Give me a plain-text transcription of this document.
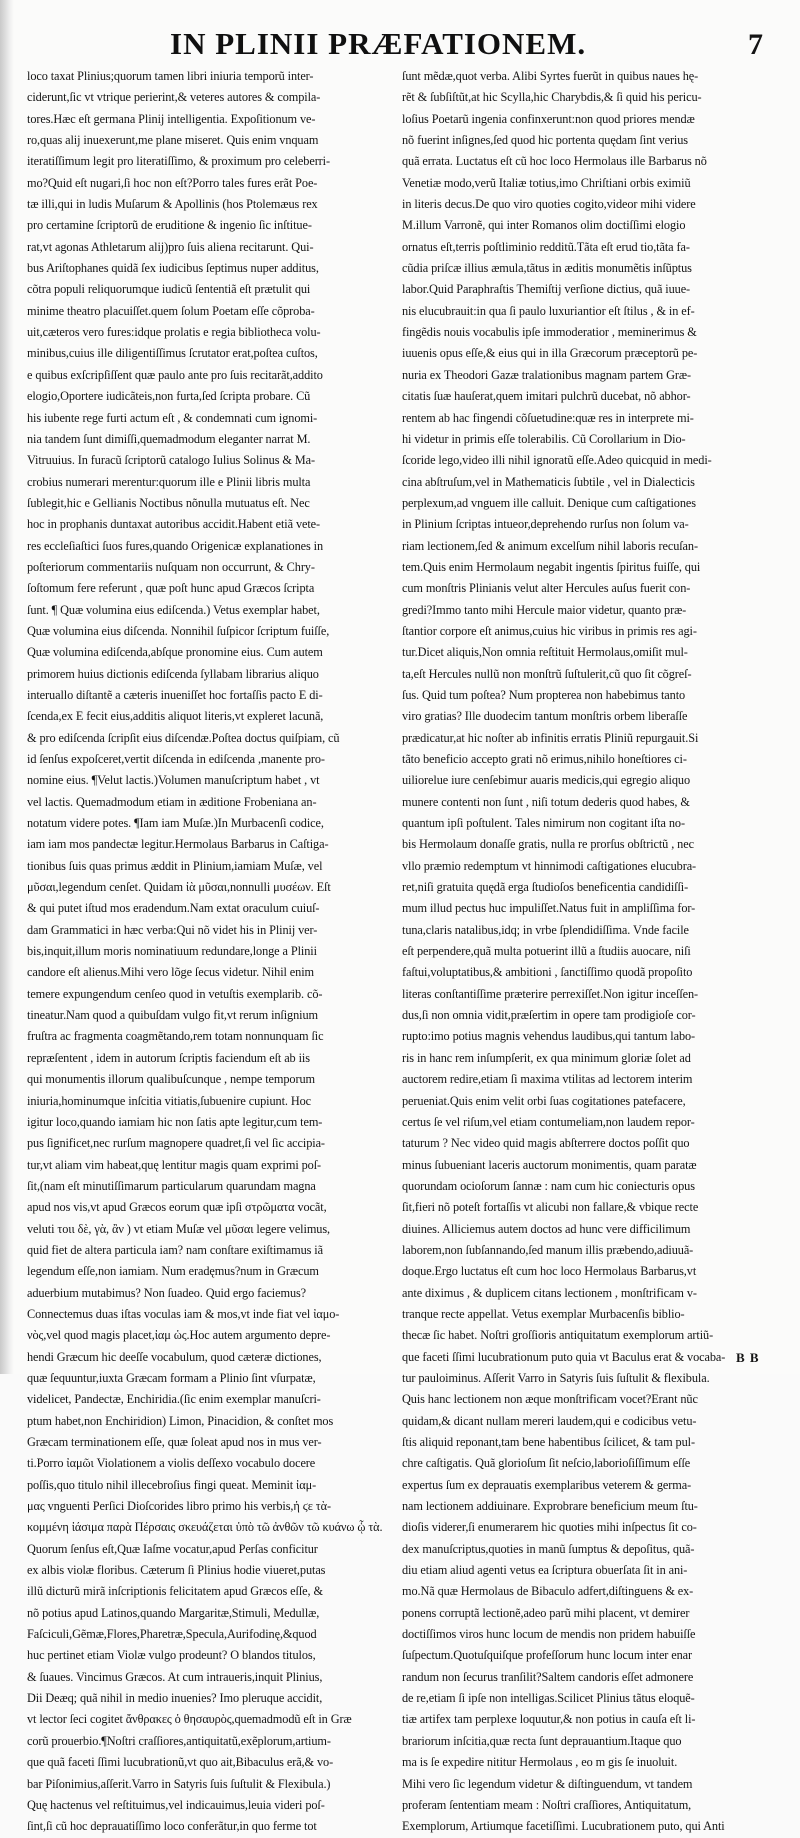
IN PLINII PRÆFATIONEM.	7
loco taxat Plinius;quorum tamen libri iniuria temporũ inter-
ciderunt,ſic vt vtrique perierint,& veteres autores & compila-
tores.Hæc eſt germana Plinij intelligentia. Expoſitionum ve-
ro,quas alij inuexerunt,me plane miseret. Quis enim vnquam
iteratiſſimum legit pro literatiſſimo, & proximum pro celeberri-
mo?Quid eſt nugari,ſi hoc non eſt?Porro tales fures erãt Poe-
tæ illi,qui in ludis Muſarum & Apollinis (hos Ptolemæus rex
pro certamine ſcriptorũ de eruditione & ingenio ſic inſtitue-
rat,vt agonas Athletarum alij)pro ſuis aliena recitarunt. Qui-
bus Ariſtophanes quidã ſex iudicibus ſeptimus nuper additus,
cõtra populi reliquorumque iudicũ ſententiã eſt prætulit qui
minime theatro placuiſſet.quem ſolum Poetam eſſe cõproba-
uit,cæteros vero fures:idque prolatis e regia bibliotheca volu-
minibus,cuius ille diligentiſſimus ſcrutator erat,poſtea cuſtos,
e quibus exſcripſiſſent quæ paulo ante pro ſuis recitarãt,addito
elogio,Oportere iudicãteis,non furta,ſed ſcripta probare. Cũ
his iubente rege furti actum eſt , & condemnati cum ignomi-
nia tandem ſunt dimiſſi,quemadmodum eleganter narrat M.
Vitruuius. In furacũ ſcriptorũ catalogo Iulius Solinus & Ma-
crobius numerari merentur:quorum ille e Plinii libris multa
ſublegit,hic e Gellianis Noctibus nõnulla mutuatus eſt. Nec
hoc in prophanis duntaxat autoribus accidit.Habent etiã vete-
res eccleſiaſtici ſuos fures,quando Origenicæ explanationes in
poſteriorum commentariis nuſquam non occurrunt, & Chry-
ſoſtomum fere referunt , quæ poſt hunc apud Græcos ſcripta
ſunt. ¶ Quæ volumina eius ediſcenda.) Vetus exemplar habet,
Quæ volumina eius diſcenda. Nonnihil ſuſpicor ſcriptum fuiſſe,
Quæ volumina ediſcenda,abſque pronomine eius. Cum autem
primorem huius dictionis ediſcenda ſyllabam librarius aliquo
interuallo diſtantẽ a cæteris inueniſſet hoc fortaſſis pacto E di-
ſcenda,ex E fecit eius,additis aliquot literis,vt expleret lacunã,
& pro ediſcenda ſcripſit eius diſcendæ.Poſtea doctus quiſpiam, cũ
id ſenſus expoſceret,vertit diſcenda in ediſcenda ,manente pro-
nomine eius. ¶Velut lactis.)Volumen manuſcriptum habet , vt
vel lactis. Quemadmodum etiam in æditione Frobeniana an-
notatum videre potes. ¶Iam iam Muſæ.)In Murbacenſi codice,
iam iam mos pandectæ legitur.Hermolaus Barbarus in Caſtiga-
tionibus ſuis quas primus æddit in Plinium,iamiam Muſæ, vel
μῦσαι,legendum cenſet. Quidam ἰὰ μῦσαι,nonnulli μυσέων. Eſt
& qui putet iſtud mos eradendum.Nam extat oraculum cuiuſ-
dam Grammatici in hæc verba:Qui nõ videt his in Plinij ver-
bis,inquit,illum moris nominatiuum redundare,longe a Plinii
candore eſt alienus.Mihi vero lõge ſecus videtur. Nihil enim
temere expungendum cenſeo quod in vetuſtis exemplarib. cõ-
tineatur.Nam quod a quibuſdam vulgo fit,vt rerum inſignium
fruſtra ac fragmenta coagmẽtando,rem totam nonnunquam ſic
repræſentent , idem in autorum ſcriptis faciendum eſt ab iis
qui monumentis illorum qualibuſcunque , nempe temporum
iniuria,hominumque inſcitia vitiatis,ſubuenire cupiunt. Hoc
igitur loco,quando iamiam hic non ſatis apte legitur,cum tem-
pus ſignificet,nec rurſum magnopere quadret,ſi vel ſic accipia-
tur,vt aliam vim habeat,quę lentitur magis quam exprimi poſ-
ſit,(nam eſt minutiſſimarum particularum quarundam magna
apud nos vis,vt apud Græcos eorum quæ ipſi στρῶματα vocãt,
veluti τοιι δὲ, γὰ, ἂν ) vt etiam Muſæ vel μῦσαι legere velimus,
quid fiet de altera particula iam? nam conſtare exiſtimamus iã
legendum eſſe,non iamiam. Num eradęmus?num in Græcum
aduerbium mutabimus? Non ſuadeo. Quid ergo faciemus?
Connectemus duas iſtas voculas iam & mos,vt inde fiat vel ἰαμο-
νὸς,vel quod magis placet,ἰαμ ὡς.Hoc autem argumento depre-
hendi Græcum hic deeſſe vocabulum, quod cæteræ dictiones,
quæ ſequuntur,iuxta Græcam formam a Plinio ſint vſurpatæ,
videlicet, Pandectæ, Enchiridia.(ſic enim exemplar manuſcri-
ptum habet,non Enchiridion) Limon, Pinacidion, & conſtet mos
Græcam terminationem eſſe, quæ ſoleat apud nos in mus ver-
ti.Porro ἰαμῶι Violationem a violis deſſexo vocabulo docere
poſſis,quo titulo nihil illecebroſius fingi queat. Meminit ἰαμ-
μας vnguenti Perſici Dioſcorides libro primo his verbis,ἡ ϛε τὰ-
κομμένη ἰάσιμα παρὰ Πέρσαις σκευάζεται ὑπὸ τῶ ἀνθῶν τῶ κυάνω ᾧ τὰ.
Quorum ſenſus eſt,Quæ Iaſme vocatur,apud Perſas conficitur
ex albis violæ floribus. Cæterum ſi Plinius hodie viueret,putas
illũ dicturũ mirã inſcriptionis felicitatem apud Græcos eſſe, &
nõ potius apud Latinos,quando Margaritæ,Stimuli, Medullæ,
Faſciculi,Gẽmæ,Flores,Pharetræ,Specula,Aurifodinę,&quod
huc pertinet etiam Violæ vulgo prodeunt? O blandos titulos,
& ſuaues. Vincimus Græcos. At cum intraueris,inquit Plinius,
Dii Deæq; quã nihil in medio inuenies? Imo pleruque accidit,
vt lector ſeci cogitet ἄνθρακες ὁ θησαυρὸς,quemadmodũ eſt in Græ
corũ prouerbio.¶Noſtri craſſiores,antiquitatũ,exẽplorum,artium-
que quã faceti ſſimi lucubrationũ,vt quo ait,Bibaculus erã,& vo-
bar Piſonimius,aſſerit.Varro in Satyris ſuis ſuſtulit & Flexibula.)
Quę hactenus vel reſtituimus,vel indicauimus,leuia videri poſ-
ſint,ſi cũ hoc deprauatiſſimo loco conferãtur,in quo ferme tot
ſunt mẽdæ,quot verba. Alibi Syrtes fuerũt in quibus naues hę-
rẽt & ſubſiſtũt,at hic Scylla,hic Charybdis,& ſi quid his pericu-
loſius Poetarũ ingenia confinxerunt:non quod priores mendæ
nõ fuerint inſignes,ſed quod hic portenta quędam ſint verius
quã errata. Luctatus eſt cũ hoc loco Hermolaus ille Barbarus nõ
Venetiæ modo,verũ Italiæ totius,imo Chriſtiani orbis eximiũ
in literis decus.De quo viro quoties cogito,videor mihi videre
M.illum Varronẽ, qui inter Romanos olim doctiſſimi elogio
ornatus eſt,terris poſtliminio redditũ.Tãta eſt erud tio,tãta fa-
cũdia priſcæ illius æmula,tãtus in æditis monumẽtis inſũptus
labor.Quid Paraphraſtis Themiſtij verſione dictius, quã iuue-
nis elucubrauit:in qua ſi paulo luxuriantior eſt ſtilus , & in ef-
fingẽdis nouis vocabulis ipſe immoderatior , meminerimus &
iuuenis opus eſſe,& eius qui in illa Græcorum præceptorũ pe-
nuria ex Theodori Gazæ tralationibus magnam partem Græ-
citatis ſuæ hauſerat,quem imitari pulchrũ ducebat, nõ abhor-
rentem ab hac fingendi cõſuetudine:quæ res in interprete mi-
hi videtur in primis eſſe tolerabilis. Cũ Corollarium in Dio-
ſcoride lego,video illi nihil ignoratũ eſſe.Adeo quicquid in medi-
cina abſtruſum,vel in Mathematicis ſubtile , vel in Dialecticis
perplexum,ad vnguem ille calluit. Denique cum caſtigationes
in Plinium ſcriptas intueor,deprehendo rurſus non ſolum va-
riam lectionem,ſed & animum excelſum nihil laboris recuſan-
tem.Quis enim Hermolaum negabit ingentis ſpiritus fuiſſe, qui
cum monſtris Plinianis velut alter Hercules auſus fuerit con-
gredi?Immo tanto mihi Hercule maior videtur, quanto præ-
ſtantior corpore eſt animus,cuius hic viribus in primis res agi-
tur.Dicet aliquis,Non omnia reſtituit Hermolaus,omiſit mul-
ta,eſt Hercules nullũ non monſtrũ ſuſtulerit,cũ quo ſit cõgreſ-
ſus. Quid tum poſtea? Num propterea non habebimus tanto
viro gratias? Ille duodecim tantum monſtris orbem liberaſſe
prædicatur,at hic noſter ab infinitis erratis Pliniũ repurgauit.Si
tãto beneficio accepto grati nõ erimus,nihilo honeſtiores ci-
uiliorelue iure cenſebimur auaris medicis,qui egregio aliquo
munere contenti non ſunt , niſi totum dederis quod habes, &
quantum ipſi poſtulent. Tales nimirum non cogitant iſta no-
bis Hermolaum donaſſe gratis, nulla re prorſus obſtrictũ , nec
vllo præmio redemptum vt hinnimodi caſtigationes elucubra-
ret,niſi gratuita quędã erga ſtudioſos beneficentia candidiſſi-
mum illud pectus huc impuliſſet.Natus fuit in ampliſſima for-
tuna,claris natalibus,idq; in vrbe ſplendidiſſima. Vnde facile
eſt perpendere,quã multa potuerint illũ a ſtudiis auocare, niſi
faſtui,voluptatibus,& ambitioni , ſanctiſſimo quodã propoſito
literas conſtantiſſime præterire perrexiſſet.Non igitur inceſſen-
dus,ſi non omnia vidit,præſertim in opere tam prodigioſe cor-
rupto:imo potius magnis vehendus laudibus,qui tantum labo-
ris in hanc rem inſumpſerit, ex qua minimum gloriæ ſolet ad
auctorem redire,etiam ſi maxima vtilitas ad lectorem interim
perueniat.Quis enim velit orbi ſuas cogitationes patefacere,
certus ſe vel riſum,vel etiam contumeliam,non laudem repor-
taturum ? Nec video quid magis abſterrere doctos poſſit quo
minus ſubueniant laceris auctorum monimentis, quam paratæ
quorundam ocioſorum ſannæ : nam cum hic coniecturis opus
ſit,fieri nõ poteſt fortaſſis vt alicubi non fallare,& vbique recte
diuines. Alliciemus autem doctos ad hunc vere difficilimum
laborem,non ſubſannando,ſed manum illis præbendo,adiuuã-
doque.Ergo luctatus eſt cum hoc loco Hermolaus Barbarus,vt
ante diximus , & duplicem citans lectionem , monſtrificam v-
tranque recte appellat. Vetus exemplar Murbacenſis biblio-
thecæ ſic habet. Noſtri groſſioris antiquitatum exemplorum artiũ-
que faceti ſſimi lucubrationum puto quia vt Baculus erat & vocaba-
tur pauloiminus. Aſſerit Varro in Satyris ſuis ſuſtulit & flexibula.
Quis hanc lectionem non æque monſtrificam vocet?Erant nũc
quidam,& dicant nullam mereri laudem,qui e codicibus vetu-
ſtis aliquid reponant,tam bene habentibus ſcilicet, & tam pul-
chre caſtigatis. Quã glorioſum ſit neſcio,laborioſiſſimum eſſe
expertus ſum ex deprauatis exemplaribus veterem & germa-
nam lectionem addiuinare. Exprobrare beneficium meum ſtu-
dioſis viderer,ſi enumerarem hic quoties mihi inſpectus ſit co-
dex manuſcriptus,quoties in manũ ſumptus & depoſitus, quã-
diu etiam aliud agenti vetus ea ſcriptura obuerſata ſit in ani-
mo.Nã quæ Hermolaus de Bibaculo adfert,diſtinguens & ex-
ponens corruptã lectionẽ,adeo parũ mihi placent, vt demirer
doctiſſimos viros hunc locum de mendis non pridem habuiſſe
ſuſpectum.Quotuſquiſque profeſſorum hunc locum inter enar
randum non ſecurus tranſilit?Saltem candoris eſſet admonere
de re,etiam ſi ipſe non intelligas.Scilicet Plinius tãtus eloquẽ-
tiæ artifex tam perplexe loquutur,& non potius in cauſa eſt li-
brariorum inſcitia,quæ recta ſunt deprauantium.Itaque quo
ma is ſe expedire nititur Hermolaus , eo m gis ſe inuoluit.
Mihi vero ſic legendum videtur & diſtinguendum, vt tandem
proferam ſententiam meam : Noſtri craſſiores, Antiquitatum,
Exemplorum, Artiumque facetiſſimi. Lucubrationem puto, qui Anti
B B
